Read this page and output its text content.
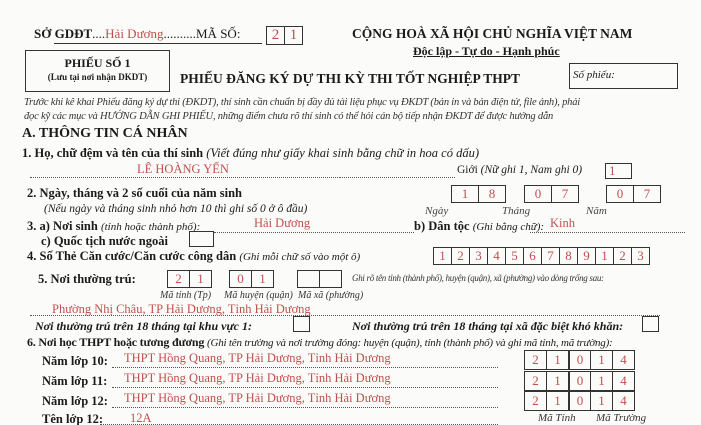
SỞ GDĐT....Hải Dương..........MÃ SỐ:	2 1
PHIẾU SỐ 1
(Lưu tại nơi nhận DKDT)
CỘNG HOÀ XÃ HỘI CHỦ NGHĨA VIỆT NAM
Độc lập - Tự do - Hạnh phúc
PHIẾU ĐĂNG KÝ DỰ THI KỲ THI TỐT NGHIỆP THPT	Số phiếu:
Trước khi kê khai Phiếu đăng ký dự thi (ĐKDT), thí sinh cần chuẩn bị đầy đủ tài liệu phục vụ ĐKDT (bản in và bản điện tử, file ảnh), phải
đọc kỹ các mục và HƯỚNG DẪN GHI PHIẾU, những điểm chưa rõ thí sinh có thể hỏi cán bộ tiếp nhận ĐKDT để được hướng dẫn
A. THÔNG TIN CÁ NHÂN
1. Họ, chữ đệm và tên của thí sinh (Viết đúng như giấy khai sinh bằng chữ in hoa có dấu)
LÊ HOÀNG YẾN	Giới (Nữ ghi 1, Nam ghi 0)	1
2. Ngày, tháng và 2 số cuối của năm sinh
(Nếu ngày và tháng sinh nhỏ hơn 10 thì ghi số 0 ở ô đầu)
1	8	0	7	0	7
Ngày	Tháng	Năm
3. a) Nơi sinh (tỉnh hoặc thành phố):	Hải Dương	b) Dân tộc (Ghi bằng chữ): Kinh
c) Quốc tịch nước ngoài
4. Số Thẻ Căn cước/Căn cước công dân (Ghi mỗi chữ số vào một ô)	1 2 3 4 5 6 7 8 9 1 2 3
5. Nơi thường trú:	2	1	0	1	Ghi rõ tên tỉnh (thành phố), huyện (quận), xã (phường) vào dòng trống sau:
Mã tỉnh (Tp) Mã huyện (quận) Mã xã (phường)
Phường Nhị Châu, TP Hải Dương, Tỉnh Hải Dương
Nơi thường trú trên 18 tháng tại khu vực 1:	Nơi thường trú trên 18 tháng tại xã đặc biệt khó khăn:
6. Nơi học THPT hoặc tương đương (Ghi tên trường và nơi trường đóng: huyện (quận), tỉnh (thành phố) và ghi mã tỉnh, mã trường):
Năm lớp 10: THPT Hồng Quang, TP Hải Dương, Tỉnh Hải Dương	2	1	0	1	4
Năm lớp 11: THPT Hồng Quang, TP Hải Dương, Tỉnh Hải Dương	2	1	0	1	4
Năm lớp 12: THPT Hồng Quang, TP Hải Dương, Tỉnh Hải Dương	2	1	0	1	4
Tên lớp 12: 12A	Mã Tỉnh Mã Trường
